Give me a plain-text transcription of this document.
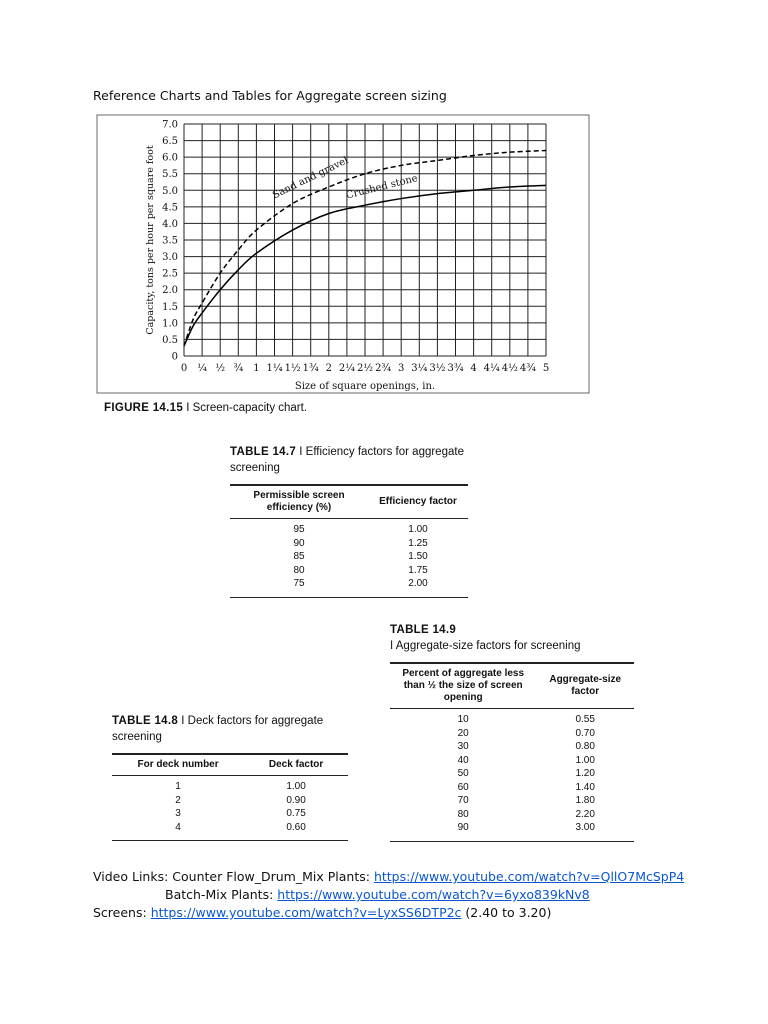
Reference Charts and Tables for Aggregate screen sizing
0
0.5
1.0
1.5
2.0
2.5
3.0
3.5
4.0
4.5
5.0
5.5
6.0
6.5
7.0
0 ¼ ½ ¾ 1 1¼ 1½ 1¾ 2 2¼ 2½ 2¾ 3 3¼ 3½ 3¾ 4 4¼ 4½ 4¾ 5
Size of square openings, in.
Capacity, tons per hour per square foot	Sand and gravel
Crushed stone
FIGURE 14.15 I Screen-capacity chart.
TABLE 14.7 I Efficiency factors for aggregate screening
Permissible screen efficiency (%)	Efficiency factor
95	1.00
90	1.25
85	1.50
80	1.75
75	2.00
TABLE 14.9
I Aggregate-size factors for screening
Percent of aggregate less than ½ the size of screen opening	Aggregate-size factor
10	0.55
20	0.70
30	0.80
40	1.00
50	1.20
60	1.40
70	1.80
80	2.20
90	3.00
TABLE 14.8 I Deck factors for aggregate screening
For deck number	Deck factor
1	1.00
2	0.90
3	0.75
4	0.60
Video Links: Counter Flow_Drum_Mix Plants: https://www.youtube.com/watch?v=QllO7McSpP4
Batch-Mix Plants: https://www.youtube.com/watch?v=6yxo839kNv8
Screens: https://www.youtube.com/watch?v=LyxSS6DTP2c (2.40 to 3.20)
